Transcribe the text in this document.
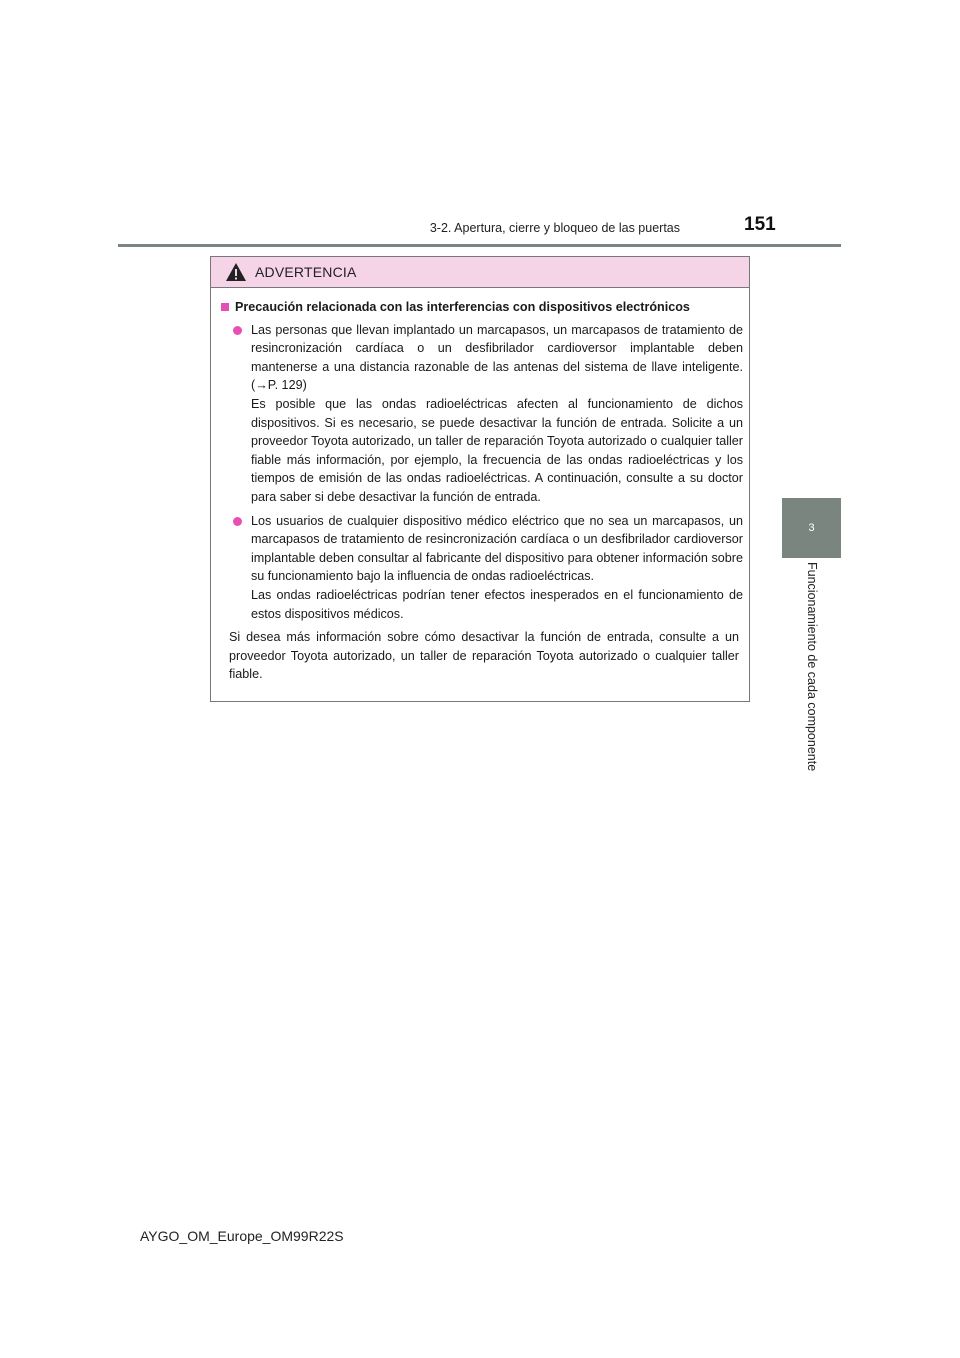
3-2. Apertura, cierre y bloqueo de las puertas	151
3
Funcionamiento de cada componente
ADVERTENCIA
Precaución relacionada con las interferencias con dispositivos electrónicos

Las personas que llevan implantado un marcapasos, un marcapasos de tratamiento de resincronización cardíaca o un desfibrilador cardioversor implantable deben mantenerse a una distancia razonable de las antenas del sistema de llave inteligente. (→P. 129)

Es posible que las ondas radioeléctricas afecten al funcionamiento de dichos dispositivos. Si es necesario, se puede desactivar la función de entrada. Solicite a un proveedor Toyota autorizado, un taller de reparación Toyota autorizado o cualquier taller fiable más información, por ejemplo, la frecuencia de las ondas radioeléctricas y los tiempos de emisión de las ondas radioeléctricas. A continuación, consulte a su doctor para saber si debe desactivar la función de entrada.

Los usuarios de cualquier dispositivo médico eléctrico que no sea un marcapasos, un marcapasos de tratamiento de resincronización cardíaca o un desfibrilador cardioversor implantable deben consultar al fabricante del dispositivo para obtener información sobre su funcionamiento bajo la influencia de ondas radioeléctricas.

Las ondas radioeléctricas podrían tener efectos inesperados en el funcionamiento de estos dispositivos médicos.

Si desea más información sobre cómo desactivar la función de entrada, consulte a un proveedor Toyota autorizado, un taller de reparación Toyota autorizado o cualquier taller fiable.

AYGO_OM_Europe_OM99R22S
